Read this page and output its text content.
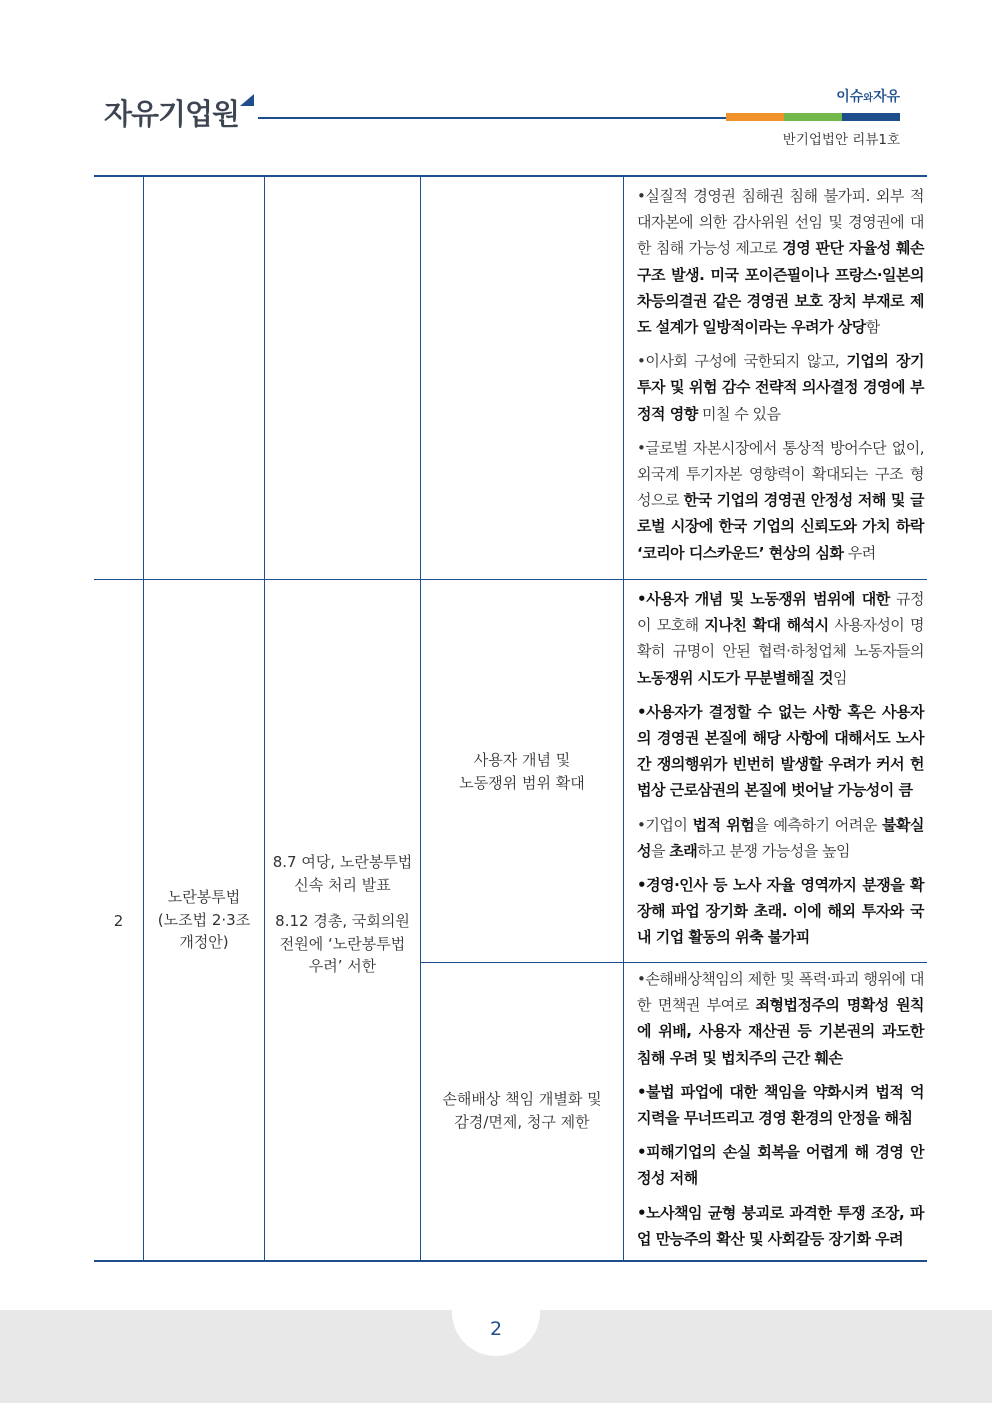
자유기업원	이슈와자유
반기업법안 리뷰1호

•실질적 경영권 침해권 침해 불가피. 외부 적대자본에 의한 감사위원 선임 및 경영권에 대한 침해 가능성 제고로 경영 판단 자율성 훼손 구조 발생. 미국 포이즌필이나 프랑스·일본의 차등의결권 같은 경영권 보호 장치 부재로 제도 설계가 일방적이라는 우려가 상당함

•이사회 구성에 국한되지 않고, 기업의 장기 투자 및 위험 감수 전략적 의사결정 경영에 부정적 영향 미칠 수 있음

•글로벌 자본시장에서 통상적 방어수단 없이, 외국계 투기자본 영향력이 확대되는 구조 형성으로 한국 기업의 경영권 안정성 저해 및 글로벌 시장에 한국 기업의 신뢰도와 가치 하락 ‘코리아 디스카운드’ 현상의 심화 우려

2
노란봉투법
(노조법 2·3조
개정안)
8.7 여당, 노란봉투법
신속 처리 발표
8.12 경총, 국회의원
전원에 ‘노란봉투법
우려’ 서한
사용자 개념 및
노동쟁위 범위 확대
손해배상 책임 개별화 및
감경/면제, 청구 제한

•사용자 개념 및 노동쟁위 범위에 대한 규정이 모호해 지나친 확대 해석시 사용자성이 명확히 규명이 안된 협력·하청업체 노동자들의 노동쟁위 시도가 무분별해질 것임

•사용자가 결정할 수 없는 사항 혹은 사용자의 경영권 본질에 해당 사항에 대해서도 노사 간 쟁의행위가 빈번히 발생할 우려가 커서 헌법상 근로삼권의 본질에 벗어날 가능성이 큼

•기업이 법적 위험을 예측하기 어려운 불확실성을 초래하고 분쟁 가능성을 높임

•경영·인사 등 노사 자율 영역까지 분쟁을 확장해 파업 장기화 초래. 이에 해외 투자와 국내 기업 활동의 위축 불가피

•손해배상책임의 제한 및 폭력·파괴 행위에 대한 면책권 부여로 죄형법정주의 명확성 원칙에 위배, 사용자 재산권 등 기본권의 과도한 침해 우려 및 법치주의 근간 훼손

•불법 파업에 대한 책임을 약화시켜 법적 억지력을 무너뜨리고 경영 환경의 안정을 해침

•피해기업의 손실 회복을 어렵게 해 경영 안정성 저해

•노사책임 균형 붕괴로 과격한 투쟁 조장, 파업 만능주의 확산 및 사회갈등 장기화 우려

2
